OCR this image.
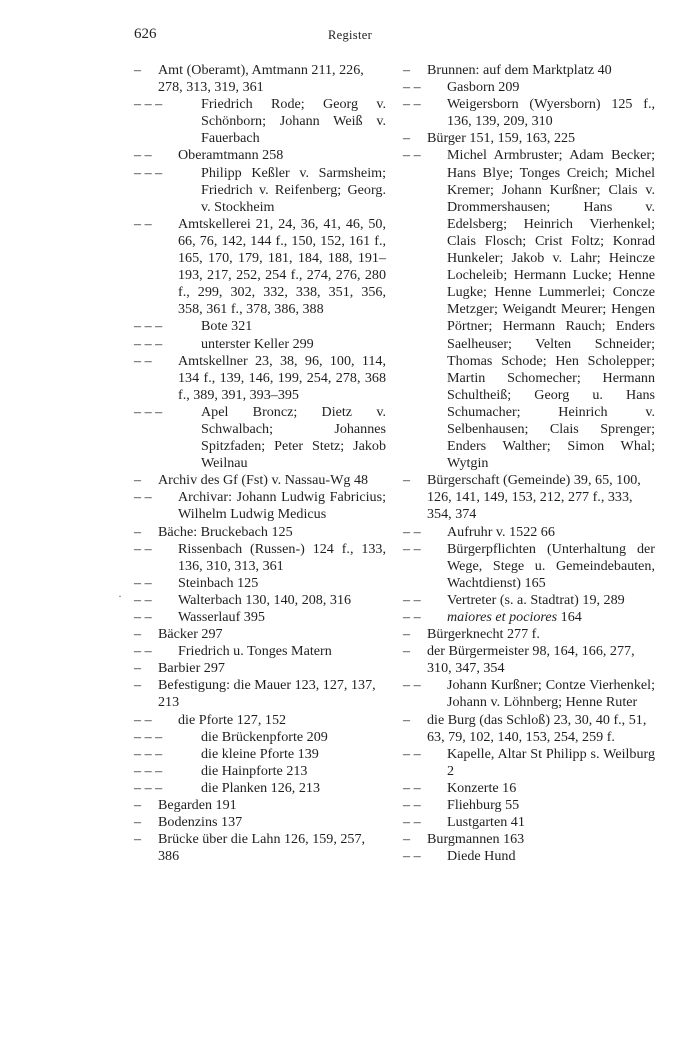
626	Register
·
– Amt (Oberamt), Amtmann 211, 226, 278, 313, 319, 361
– – –	Friedrich Rode; Georg v. Schönborn; Johann Weiß v. Fauerbach
– – Oberamtmann 258
– – –	Philipp Keßler v. Sarmsheim; Friedrich v. Reifenberg; Georg. v. Stockheim
– – Amtskellerei 21, 24, 36, 41, 46, 50, 66, 76, 142, 144 f., 150, 152, 161 f., 165, 170, 179, 181, 184, 188, 191–193, 217, 252, 254 f., 274, 276, 280 f., 299, 302, 332, 338, 351, 356, 358, 361 f., 378, 386, 388
– – –	Bote 321
– – –	unterster Keller 299
– – Amtskellner 23, 38, 96, 100, 114, 134 f., 139, 146, 199, 254, 278, 368 f., 389, 391, 393–395
– – –	Apel Broncz; Dietz v. Schwalbach; Johannes Spitzfaden; Peter Stetz; Jakob Weilnau
– Archiv des Gf (Fst) v. Nassau-Wg 48
– – Archivar: Johann Ludwig Fabricius; Wilhelm Ludwig Medicus
– Bäche: Bruckebach 125
– – Rissenbach (Russen-) 124 f., 133, 136, 310, 313, 361
– – Steinbach 125
– – Walterbach 130, 140, 208, 316
– – Wasserlauf 395
– Bäcker 297
– – Friedrich u. Tonges Matern
– Barbier 297
– Befestigung: die Mauer 123, 127, 137, 213
– – die Pforte 127, 152
– – –	die Brückenpforte 209
– – –	die kleine Pforte 139
– – –	die Hainpforte 213
– – –	die Planken 126, 213
– Begarden 191
– Bodenzins 137
– Brücke über die Lahn 126, 159, 257, 386
– Brunnen: auf dem Marktplatz 40
– – Gasborn 209
– – Weigersborn (Wyersborn) 125 f., 136, 139, 209, 310
– Bürger 151, 159, 163, 225
– – Michel Armbruster; Adam Becker; Hans Blye; Tonges Creich; Michel Kremer; Johann Kurßner; Clais v. Drommershausen; Hans v. Edelsberg; Heinrich Vierhenkel; Clais Flosch; Crist Foltz; Konrad Hunkeler; Jakob v. Lahr; Heincze Locheleib; Hermann Lucke; Henne Lugke; Henne Lummerlei; Concze Metzger; Weigandt Meurer; Hengen Pörtner; Hermann Rauch; Enders Saelheuser; Velten Schneider; Thomas Schode; Hen Scholepper; Martin Schomecher; Hermann Schultheiß; Georg u. Hans Schumacher; Heinrich v. Selbenhausen; Clais Sprenger; Enders Walther; Simon Whal; Wytgin
– Bürgerschaft (Gemeinde) 39, 65, 100, 126, 141, 149, 153, 212, 277 f., 333, 354, 374
– – Aufruhr v. 1522 66
– – Bürgerpflichten (Unterhaltung der Wege, Stege u. Gemeindebauten, Wachtdienst) 165
– – Vertreter (s. a. Stadtrat) 19, 289
– – maiores et pociores 164
– Bürgerknecht 277 f.
– der Bürgermeister 98, 164, 166, 277, 310, 347, 354
– – Johann Kurßner; Contze Vierhenkel; Johann v. Löhnberg; Henne Ruter
– die Burg (das Schloß) 23, 30, 40 f., 51, 63, 79, 102, 140, 153, 254, 259 f.
– – Kapelle, Altar St Philipp s. Weilburg 2
– – Konzerte 16
– – Fliehburg 55
– – Lustgarten 41
– Burgmannen 163
– – Diede Hund
